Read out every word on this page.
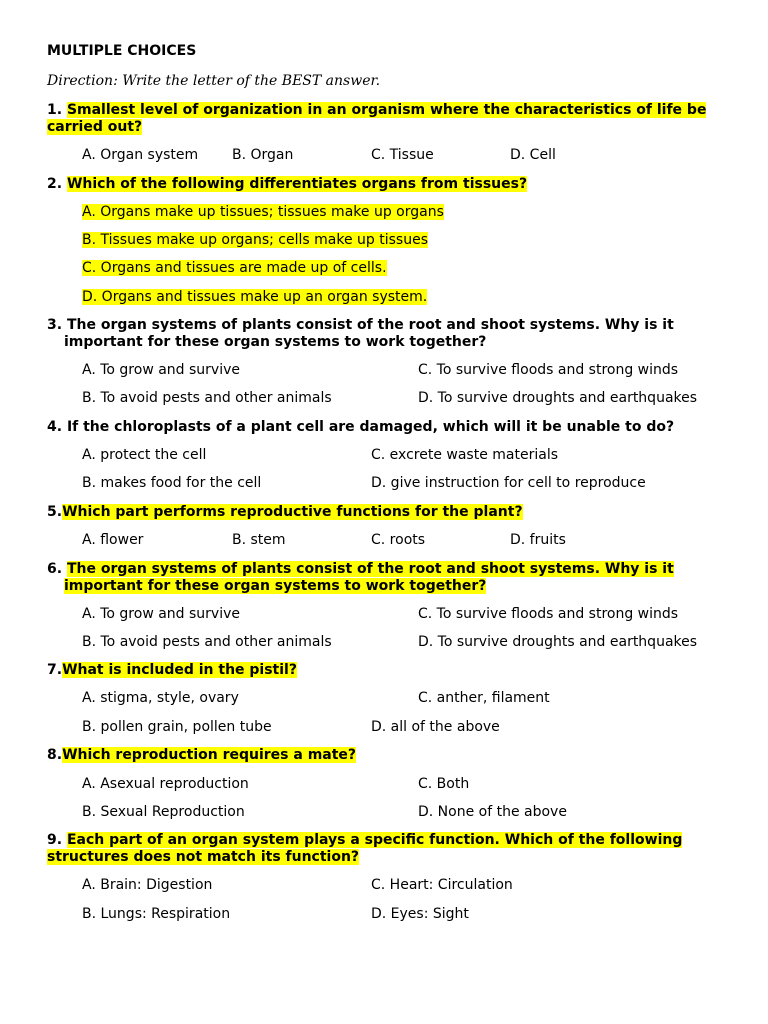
MULTIPLE CHOICES
Direction: Write the letter of the BEST answer.
1. Smallest level of organization in an organism where the characteristics of life be
carried out?
A. Organ system B. Organ	C. Tissue	D. Cell
2. Which of the following differentiates organs from tissues?
A. Organs make up tissues; tissues make up organs
B. Tissues make up organs; cells make up tissues
C. Organs and tissues are made up of cells.
D. Organs and tissues make up an organ system.
3. The organ systems of plants consist of the root and shoot systems. Why is it
important for these organ systems to work together?
A. To grow and survive	C. To survive floods and strong winds
B. To avoid pests and other animals	D. To survive droughts and earthquakes
4. If the chloroplasts of a plant cell are damaged, which will it be unable to do?
A. protect the cell	C. excrete waste materials
B. makes food for the cell	D. give instruction for cell to reproduce
5.Which part performs reproductive functions for the plant?
A. flower	B. stem	C. roots	D. fruits
6. The organ systems of plants consist of the root and shoot systems. Why is it
important for these organ systems to work together?
A. To grow and survive	C. To survive floods and strong winds
B. To avoid pests and other animals	D. To survive droughts and earthquakes
7.What is included in the pistil?
A. stigma, style, ovary	C. anther, filament
B. pollen grain, pollen tube	D. all of the above
8.Which reproduction requires a mate?
A. Asexual reproduction	C. Both
B. Sexual Reproduction	D. None of the above
9. Each part of an organ system plays a specific function. Which of the following
structures does not match its function?
A. Brain: Digestion	C. Heart: Circulation
B. Lungs: Respiration	D. Eyes: Sight
